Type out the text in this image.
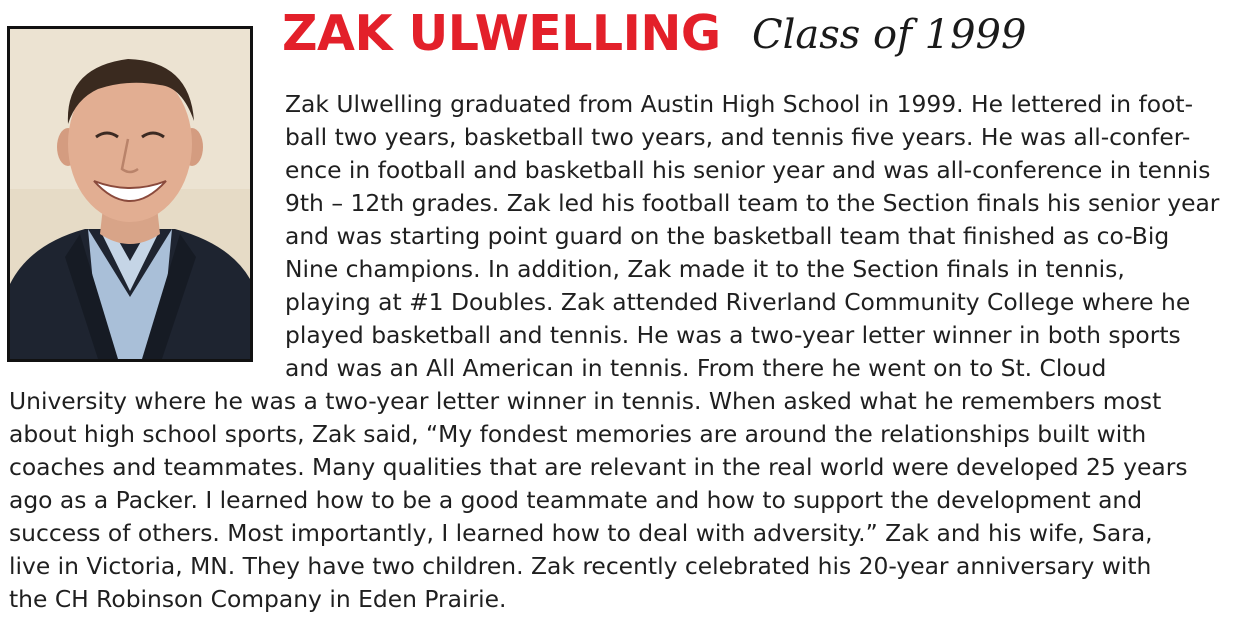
ZAK ULWELLING Class of 1999
Zak Ulwelling graduated from Austin High School in 1999. He lettered in foot-
ball two years, basketball two years, and tennis five years. He was all-confer-
ence in football and basketball his senior year and was all-conference in tennis
9th – 12th grades. Zak led his football team to the Section finals his senior year
and was starting point guard on the basketball team that finished as co-Big
Nine champions. In addition, Zak made it to the Section finals in tennis,
playing at #1 Doubles. Zak attended Riverland Community College where he
played basketball and tennis. He was a two-year letter winner in both sports
and was an All American in tennis. From there he went on to St. Cloud
University where he was a two-year letter winner in tennis. When asked what he remembers most
about high school sports, Zak said, “My fondest memories are around the relationships built with
coaches and teammates. Many qualities that are relevant in the real world were developed 25 years
ago as a Packer. I learned how to be a good teammate and how to support the development and
success of others. Most importantly, I learned how to deal with adversity.” Zak and his wife, Sara,
live in Victoria, MN. They have two children. Zak recently celebrated his 20-year anniversary with
the CH Robinson Company in Eden Prairie.
